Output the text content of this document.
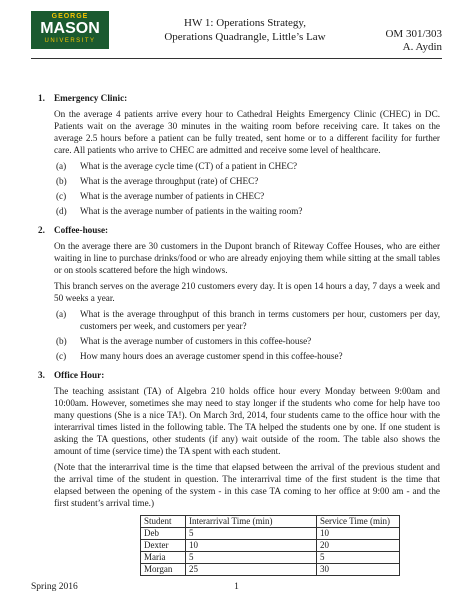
GEORGE
MASON
UNIVERSITY
HW 1: Operations Strategy,
Operations Quadrangle, Little’s Law	OM 301/303
A. Aydin
1. Emergency Clinic:

On the average 4 patients arrive every hour to Cathedral Heights Emergency Clinic (CHEC) in DC. Patients wait on the average 30 minutes in the waiting room before receiving care. It takes on the average 2.5 hours before a patient can be fully treated, sent home or to a different facility for further care. All patients who arrive to CHEC are admitted and receive some level of healthcare.

(a) What is the average cycle time (CT) of a patient in CHEC?
(b) What is the average throughput (rate) of CHEC?
(c) What is the average number of patients in CHEC?
(d) What is the average number of patients in the waiting room?
2. Coffee-house:

On the average there are 30 customers in the Dupont branch of Riteway Coffee Houses, who are either waiting in line to purchase drinks/food or who are already enjoying them while sitting at the small tables or on stools scattered before the high windows.

This branch serves on the average 210 customers every day. It is open 14 hours a day, 7 days a week and 50 weeks a year.

(a) What is the average throughput of this branch in terms customers per hour, customers per day, customers per week, and customers per year?
(b) What is the average number of customers in this coffee-house?
(c) How many hours does an average customer spend in this coffee-house?
3. Office Hour:

The teaching assistant (TA) of Algebra 210 holds office hour every Monday between 9:00am and 10:00am. However, sometimes she may need to stay longer if the students who come for help have too many questions (She is a nice TA!). On March 3rd, 2014, four students came to the office hour with the interarrival times listed in the following table. The TA helped the students one by one. If one student is asking the TA questions, other students (if any) wait outside of the room. The table also shows the amount of time (service time) the TA spent with each student.

(Note that the interarrival time is the time that elapsed between the arrival of the previous student and the arrival time of the student in question. The interarrival time of the first student is the time that elapsed between the opening of the system - in this case TA coming to her office at 9:00 am - and the first student’s arrival time.)

Student	Interarrival Time (min)	Service Time (min)
Deb	5	10
Dexter	10	20
Maria	5	5
Morgan	25	30
Spring 2016	1
